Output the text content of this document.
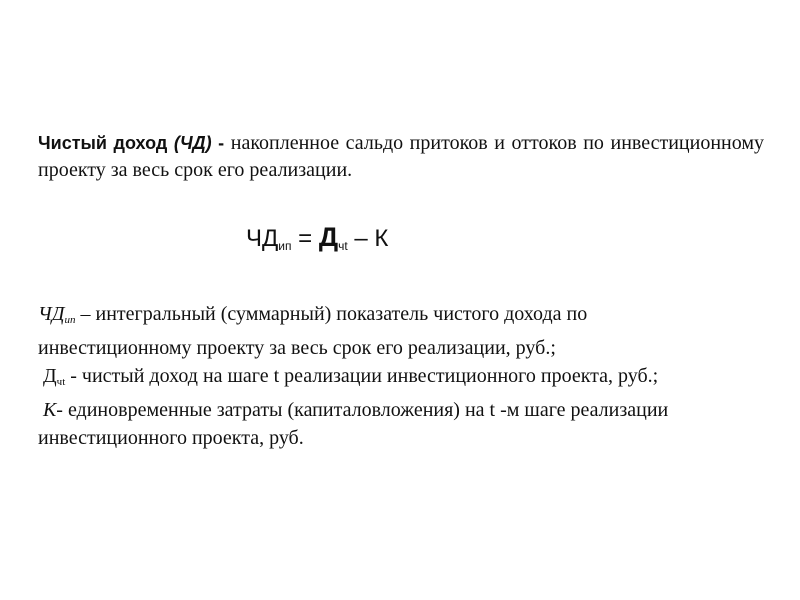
Чистый доход (ЧД) - накопленное сальдо притоков и оттоков по инвестиционному проекту за весь срок его реализации.
$ЧД_{ип} = Д_{чt} - К$
$ЧД_{ип}$ – интегральный (суммарный) показатель чистого дохода по
инвестиционному проекту за весь срок его реализации, руб.;
$Д_{чt}$ - чистый доход на шаге t реализации инвестиционного проекта, руб.;
К- единовременные затраты (капиталовложения) на t -м шаге реализации
инвестиционного проекта, руб.
